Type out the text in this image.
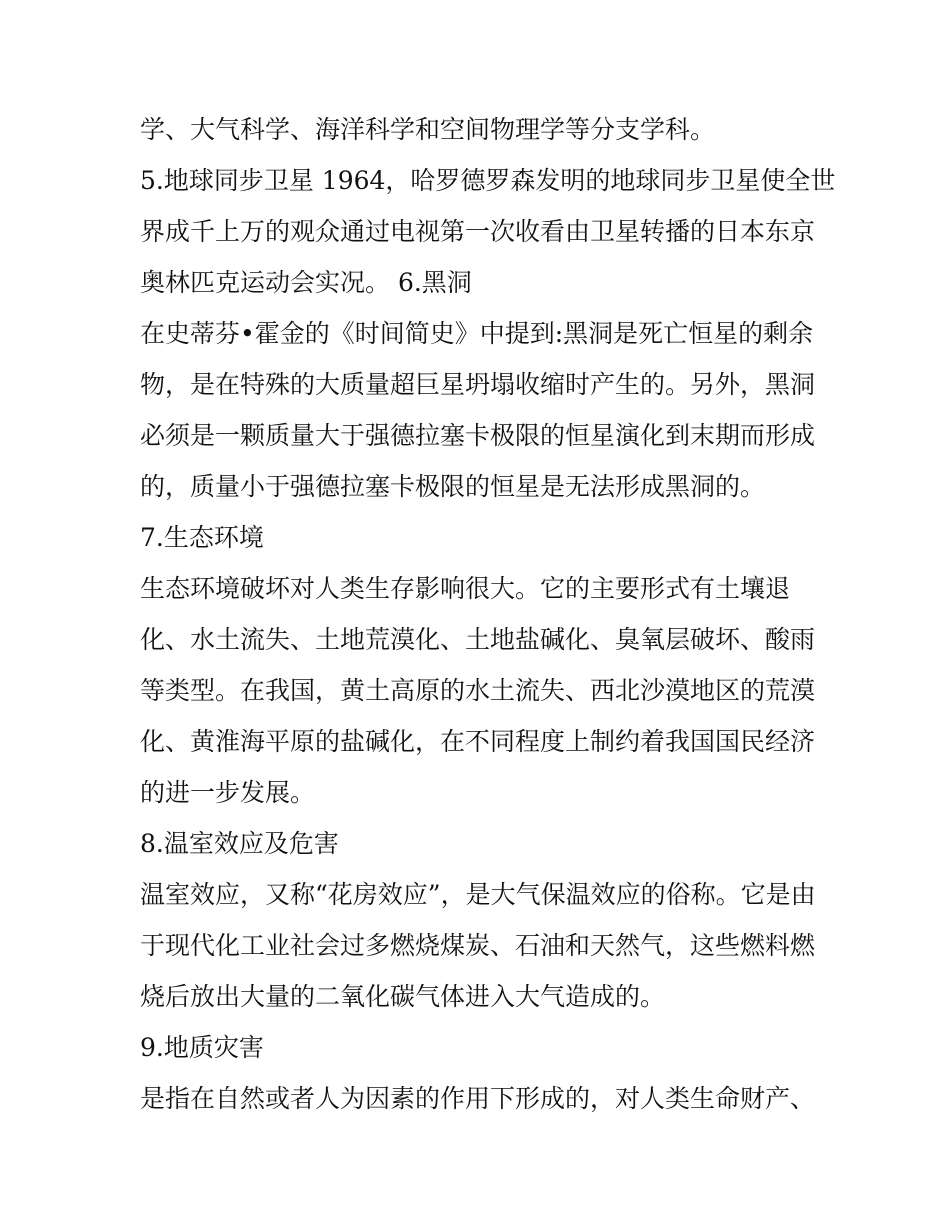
学、大气科学、海洋科学和空间物理学等分支学科。

5.地球同步卫星 1964，哈罗德罗森发明的地球同步卫星使全世

界成千上万的观众通过电视第一次收看由卫星转播的日本东京

奥林匹克运动会实况。 6.黑洞

在史蒂芬•霍金的《时间简史》中提到:黑洞是死亡恒星的剩余

物，是在特殊的大质量超巨星坍塌收缩时产生的。另外，黑洞

必须是一颗质量大于强德拉塞卡极限的恒星演化到末期而形成

的，质量小于强德拉塞卡极限的恒星是无法形成黑洞的。

7.生态环境

生态环境破坏对人类生存影响很大。它的主要形式有土壤退

化、水土流失、土地荒漠化、土地盐碱化、臭氧层破坏、酸雨

等类型。在我国，黄土高原的水土流失、西北沙漠地区的荒漠

化、黄淮海平原的盐碱化，在不同程度上制约着我国国民经济

的进一步发展。

8.温室效应及危害

温室效应，又称“花房效应”，是大气保温效应的俗称。它是由

于现代化工业社会过多燃烧煤炭、石油和天然气，这些燃料燃

烧后放出大量的二氧化碳气体进入大气造成的。

9.地质灾害

是指在自然或者人为因素的作用下形成的，对人类生命财产、
